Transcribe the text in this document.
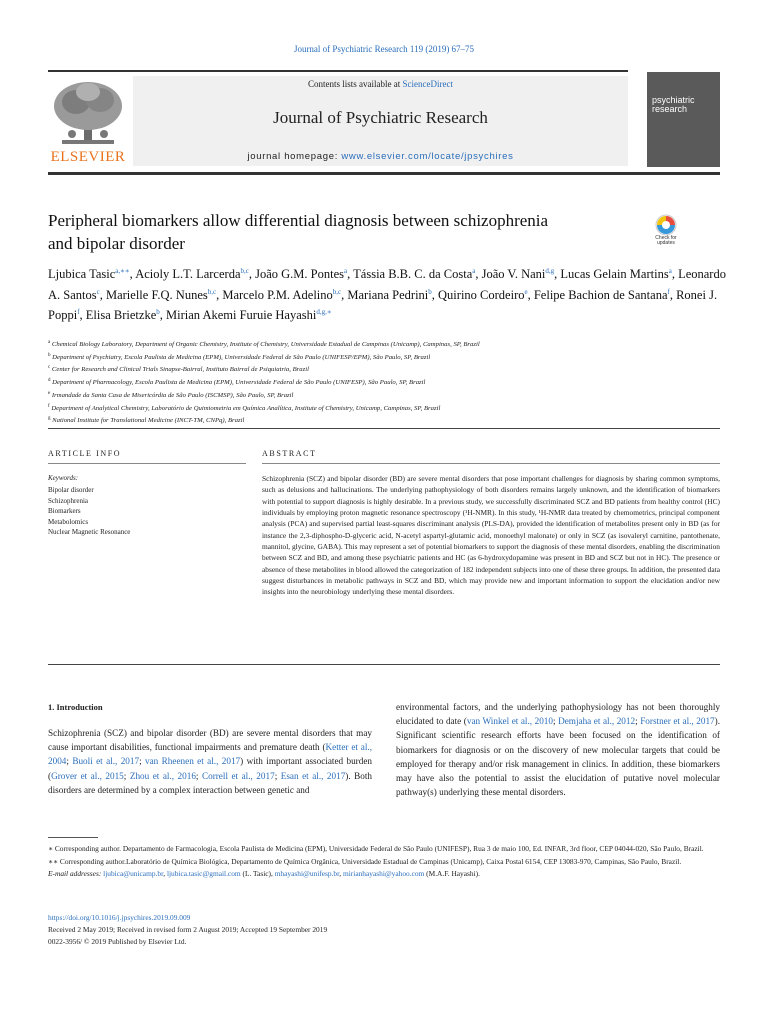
Journal of Psychiatric Research 119 (2019) 67–75
ELSEVIER
Contents lists available at ScienceDirect
Journal of Psychiatric Research
journal homepage: www.elsevier.com/locate/jpsychires
psychiatric
research
Peripheral biomarkers allow differential diagnosis between schizophrenia
and bipolar disorder	Check for updates
Ljubica Tasic$^{a,∗∗}$, Acioly L.T. Larcerda$^{b,c}$, João G.M. Pontes$^a$, Tássia B.B. C. da Costa$^a$, João V. Nani$^{d,g}$, Lucas Gelain Martins$^a$, Leonardo A. Santos$^c$, Marielle F.Q. Nunes$^{b,c}$, Marcelo P.M. Adelino$^{b,c}$, Mariana Pedrini$^b$, Quirino Cordeiro$^e$, Felipe Bachion de Santana$^f$, Ronei J. Poppi$^f$, Elisa Brietzke$^b$, Mirian Akemi Furuie Hayashi$^{d,g,∗}$
$^a$ Chemical Biology Laboratory, Department of Organic Chemistry, Institute of Chemistry, Universidade Estadual de Campinas (Unicamp), Campinas, SP, Brazil
$^b$ Department of Psychiatry, Escola Paulista de Medicina (EPM), Universidade Federal de São Paulo (UNIFESP/EPM), São Paulo, SP, Brazil
$^c$ Center for Research and Clinical Trials Sinapse-Bairral, Instituto Bairral de Psiquiatria, Brazil
$^d$ Department of Pharmacology, Escola Paulista de Medicina (EPM), Universidade Federal de São Paulo (UNIFESP), São Paulo, SP, Brazil
$^e$ Irmandade da Santa Casa de Misericórdia de São Paulo (ISCMSP), São Paulo, SP, Brazil
$^f$ Department of Analytical Chemistry, Laboratório de Quimiometria em Química Analítica, Institute of Chemistry, Unicamp, Campinas, SP, Brazil
$^g$ National Institute for Translational Medicine (INCT-TM, CNPq), Brazil
ARTICLE INFO	ABSTRACT
Keywords:
Bipolar disorder
Schizophrenia
Biomarkers
Metabolomics
Nuclear Magnetic Resonance
Schizophrenia (SCZ) and bipolar disorder (BD) are severe mental disorders that pose important challenges for diagnosis by sharing common symptoms, such as delusions and hallucinations. The underlying pathophysiology of both disorders remains largely unknown, and the identification of biomarkers with potential to support diagnosis is highly desirable. In a previous study, we successfully discriminated SCZ and BD patients from healthy control (HC) individuals by employing proton magnetic resonance spectroscopy (¹H-NMR). In this study, ¹H-NMR data treated by chemometrics, principal component analysis (PCA) and supervised partial least-squares discriminant analysis (PLS-DA), provided the identification of metabolites present only in BD (as for instance the 2,3-diphospho-D-glyceric acid, N-acetyl aspartyl-glutamic acid, monoethyl malonate) or only in SCZ (as isovaleryl carnitine, pantothenate, mannitol, glycine, GABA). This may represent a set of potential biomarkers to support the diagnosis of these mental disorders, enabling the discrimination between SCZ and BD, and among these psychiatric patients and HC (as 6-hydroxydopamine was present in BD and SCZ but not in HC). The presence or absence of these metabolites in blood allowed the categorization of 182 independent subjects into one of these three groups. In addition, the presented data suggest disturbances in metabolic pathways in SCZ and BD, which may provide new and important information to support the elucidation and/or new insights into the neurobiology underlying these mental disorders.
1. Introduction
Schizophrenia (SCZ) and bipolar disorder (BD) are severe mental disorders that may cause important disabilities, functional impairments and premature death (Ketter et al., 2004; Buoli et al., 2017; van Rheenen et al., 2017) with important associated burden (Grover et al., 2015; Zhou et al., 2016; Correll et al., 2017; Esan et al., 2017). Both disorders are determined by a complex interaction between genetic and
environmental factors, and the underlying pathophysiology has not been thoroughly elucidated to date (van Winkel et al., 2010; Demjaha et al., 2012; Forstner et al., 2017). Significant scientific research efforts have been focused on the identification of biomarkers for diagnosis or on the discovery of new molecular targets that could be employed for therapy and/or risk management in clinics. In addition, these biomarkers may have also the potential to assist the elucidation of putative novel molecular pathway(s) underlying these mental disorders.
∗ Corresponding author. Departamento de Farmacologia, Escola Paulista de Medicina (EPM), Universidade Federal de São Paulo (UNIFESP), Rua 3 de maio 100, Ed. INFAR, 3rd floor, CEP 04044-020, São Paulo, Brazil.
∗∗ Corresponding author.Laboratório de Química Biológica, Departamento de Química Orgânica, Universidade Estadual de Campinas (Unicamp), Caixa Postal 6154, CEP 13083-970, Campinas, São Paulo, Brazil.
E-mail addresses: ljubica@unicamp.br, ljubica.tasic@gmail.com (L. Tasic), mhayashi@unifesp.br, mirianhayashi@yahoo.com (M.A.F. Hayashi).
https://doi.org/10.1016/j.jpsychires.2019.09.009
Received 2 May 2019; Received in revised form 2 August 2019; Accepted 19 September 2019
0022-3956/ © 2019 Published by Elsevier Ltd.
